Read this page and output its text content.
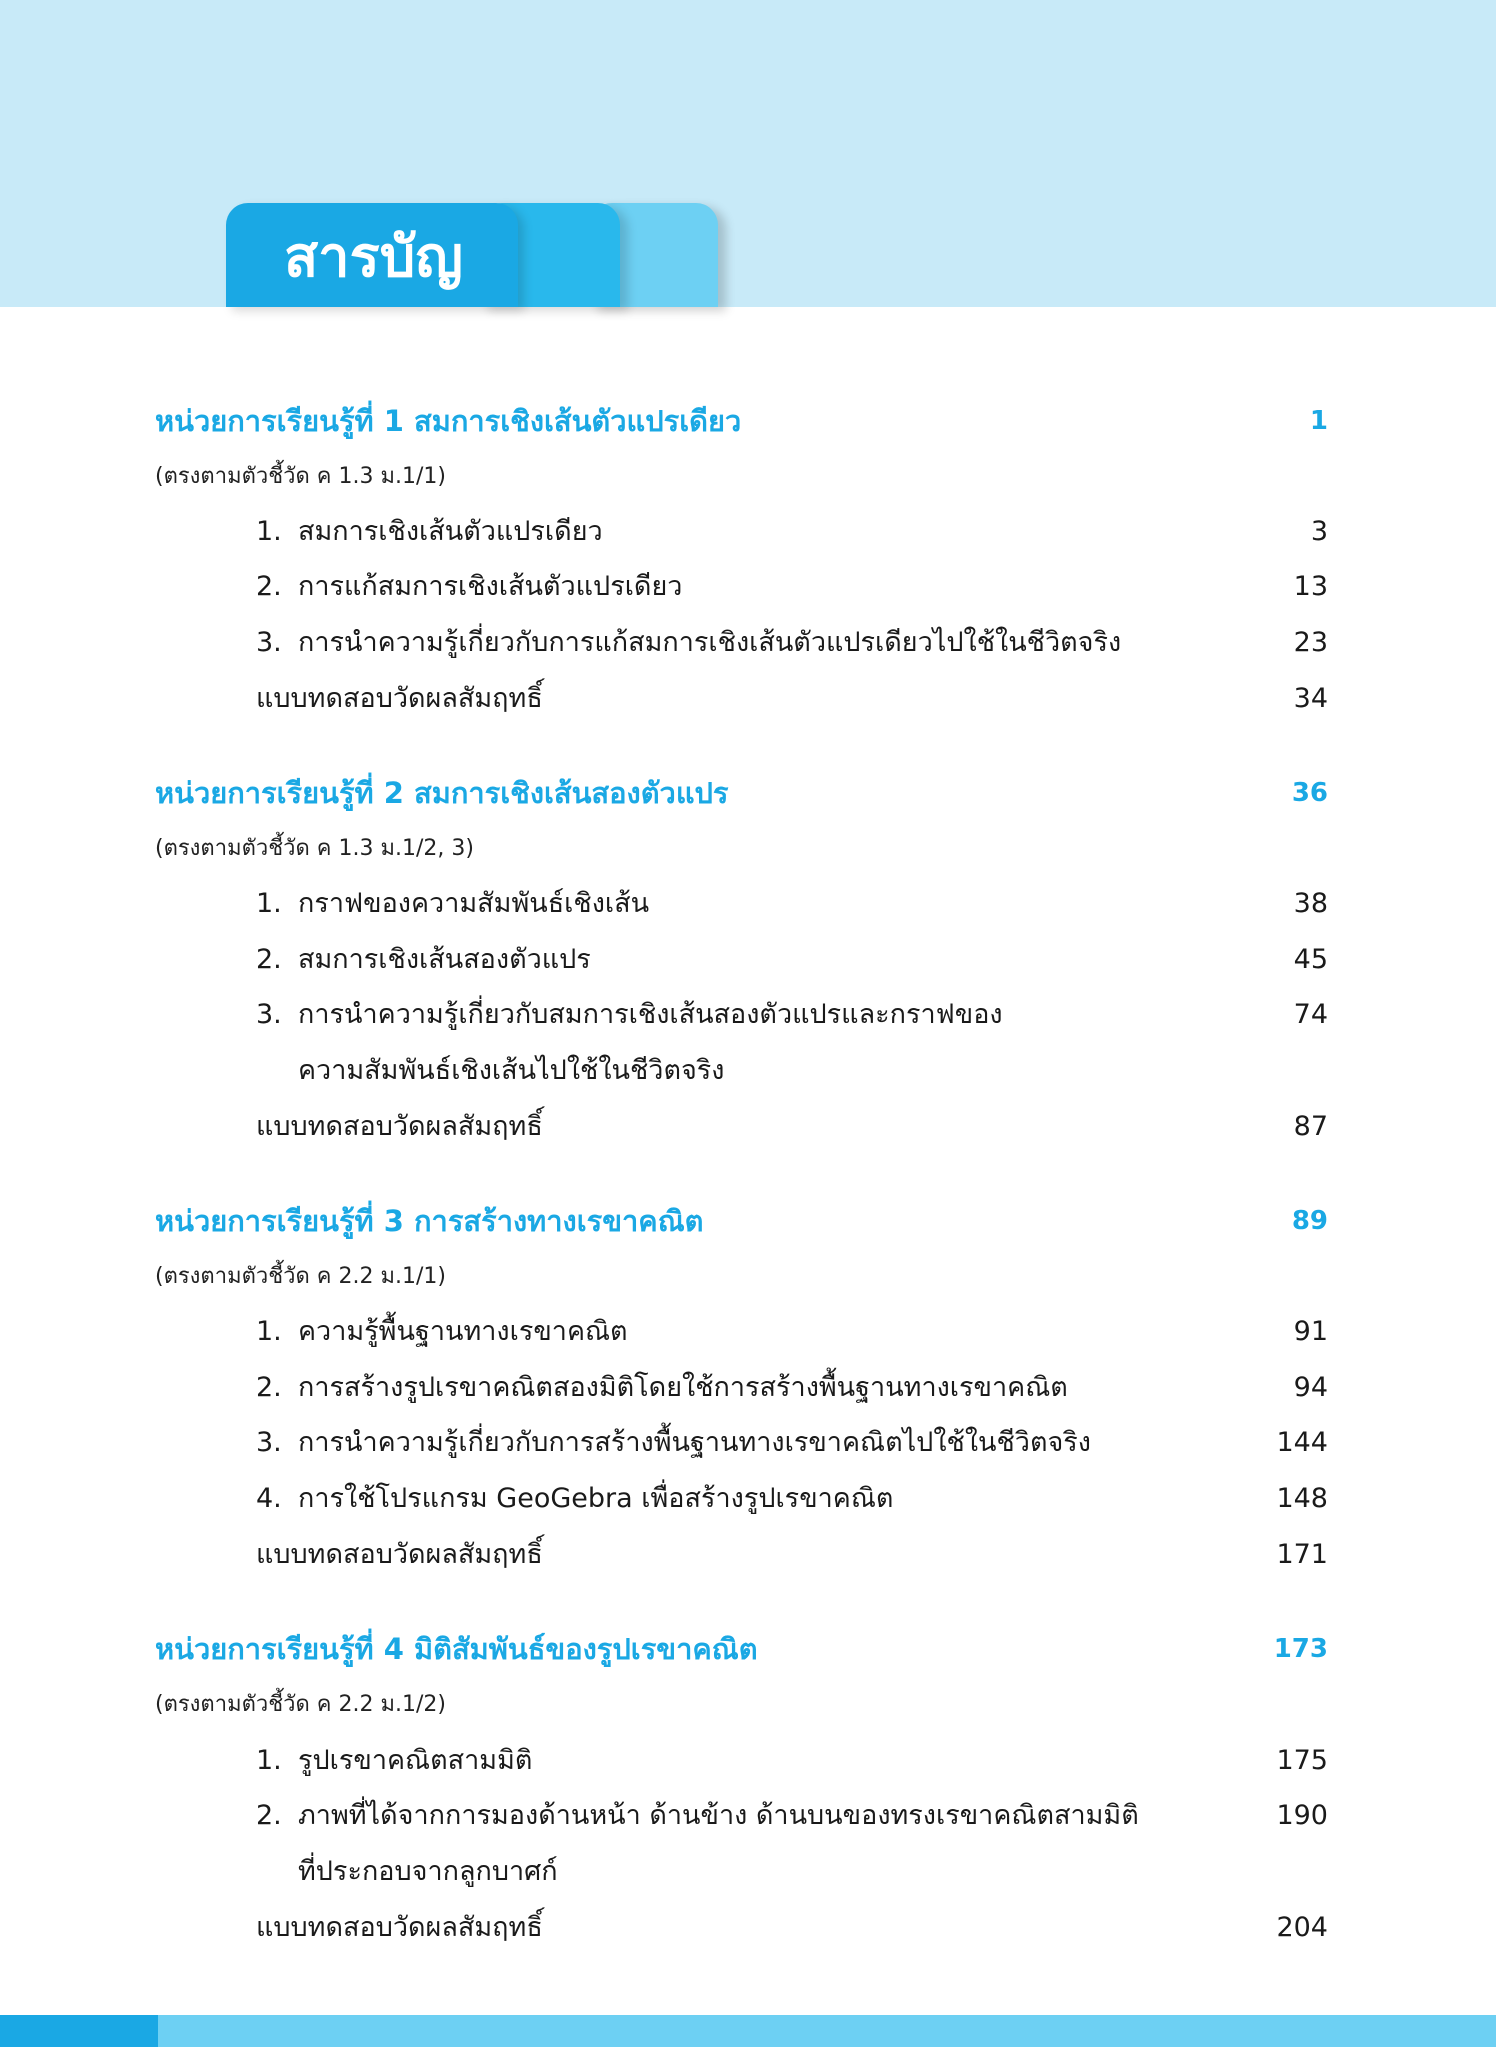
สารบัญ
หน่วยการเรียนรู้ที่ 1 สมการเชิงเส้นตัวแปรเดียว	1
(ตรงตามตัวชี้วัด ค 1.3 ม.1/1)
1. สมการเชิงเส้นตัวแปรเดียว	3
2. การแก้สมการเชิงเส้นตัวแปรเดียว	13
3. การนำความรู้เกี่ยวกับการแก้สมการเชิงเส้นตัวแปรเดียวไปใช้ในชีวิตจริง	23
แบบทดสอบวัดผลสัมฤทธิ์	34
หน่วยการเรียนรู้ที่ 2 สมการเชิงเส้นสองตัวแปร	36
(ตรงตามตัวชี้วัด ค 1.3 ม.1/2, 3)
1. กราฟของความสัมพันธ์เชิงเส้น	38
2. สมการเชิงเส้นสองตัวแปร	45
3. การนำความรู้เกี่ยวกับสมการเชิงเส้นสองตัวแปรและกราฟของ	74
ความสัมพันธ์เชิงเส้นไปใช้ในชีวิตจริง
แบบทดสอบวัดผลสัมฤทธิ์	87
หน่วยการเรียนรู้ที่ 3 การสร้างทางเรขาคณิต	89
(ตรงตามตัวชี้วัด ค 2.2 ม.1/1)
1. ความรู้พื้นฐานทางเรขาคณิต	91
2. การสร้างรูปเรขาคณิตสองมิติโดยใช้การสร้างพื้นฐานทางเรขาคณิต	94
3. การนำความรู้เกี่ยวกับการสร้างพื้นฐานทางเรขาคณิตไปใช้ในชีวิตจริง	144
4. การใช้โปรแกรม GeoGebra เพื่อสร้างรูปเรขาคณิต	148
แบบทดสอบวัดผลสัมฤทธิ์	171
หน่วยการเรียนรู้ที่ 4 มิติสัมพันธ์ของรูปเรขาคณิต	173
(ตรงตามตัวชี้วัด ค 2.2 ม.1/2)
1. รูปเรขาคณิตสามมิติ	175
2. ภาพที่ได้จากการมองด้านหน้า ด้านข้าง ด้านบนของทรงเรขาคณิตสามมิติ	190
ที่ประกอบจากลูกบาศก์
แบบทดสอบวัดผลสัมฤทธิ์	204
